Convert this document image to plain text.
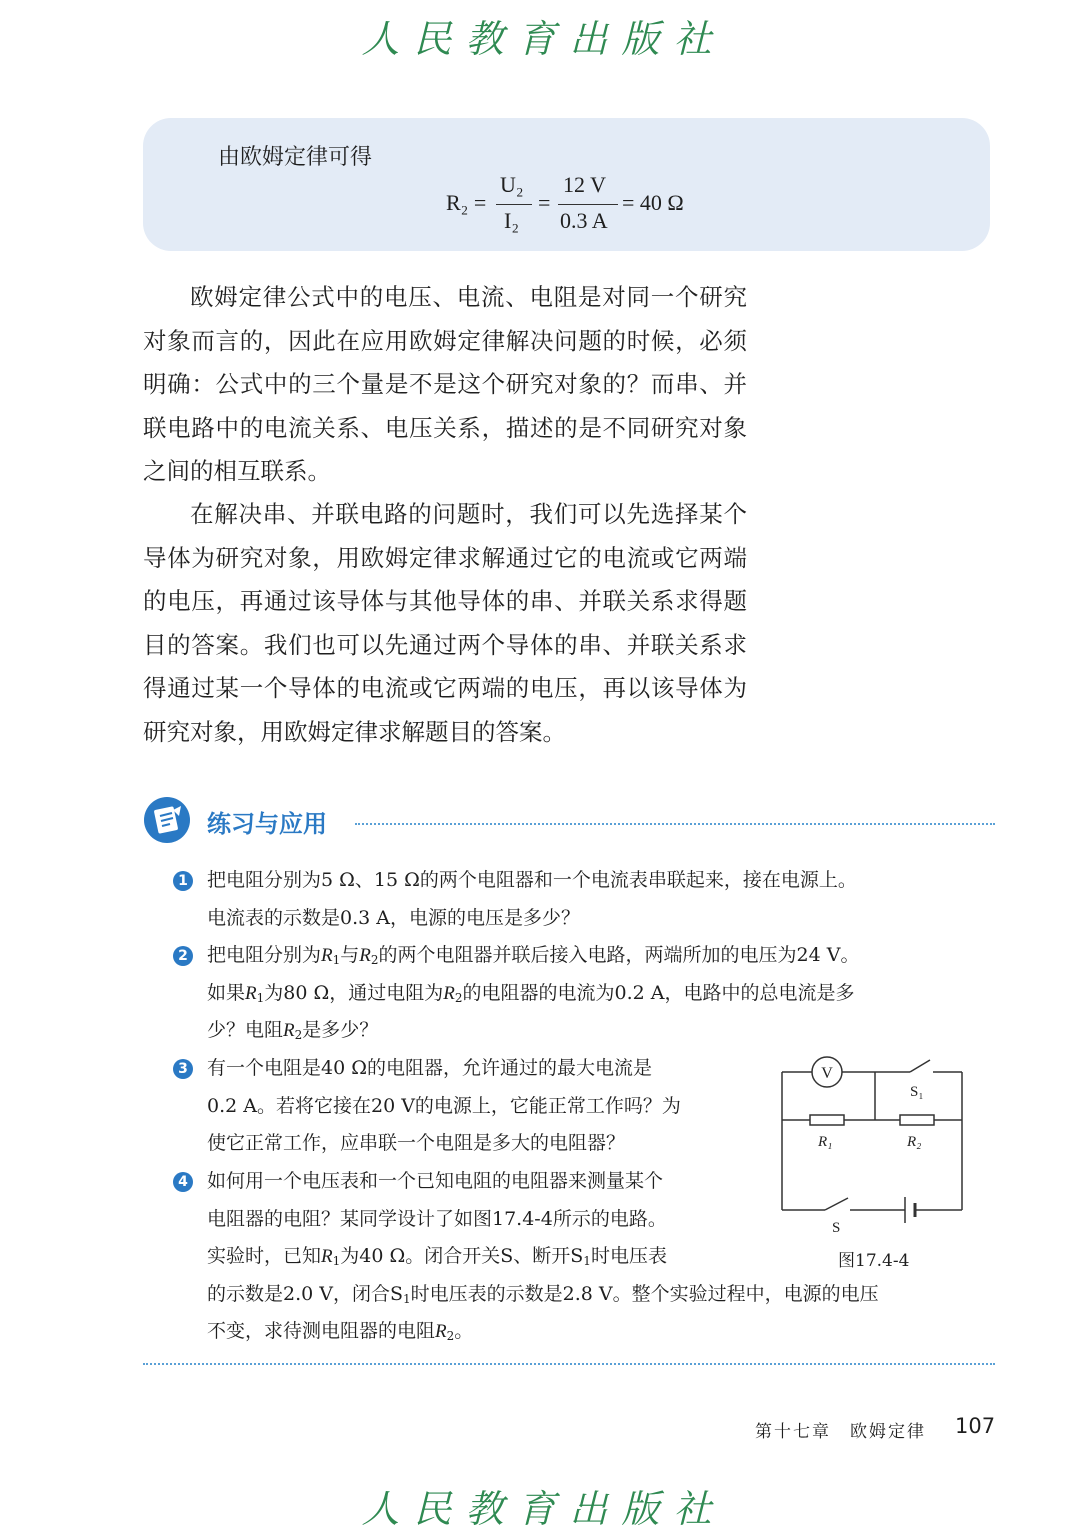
人民教育出版社
由欧姆定律可得
R₂ =
U₂
I₂
=
12 V
0.3 A
= 40 Ω

欧姆定律公式中的电压、电流、电阻是对同一个研究对象而言的，因此在应用欧姆定律解决问题的时候，必须明确：公式中的三个量是不是这个研究对象的？而串、并联电路中的电流关系、电压关系，描述的是不同研究对象之间的相互联系。

在解决串、并联电路的问题时，我们可以先选择某个导体为研究对象，用欧姆定律求解通过它的电流或它两端的电压，再通过该导体与其他导体的串、并联关系求得题目的答案。我们也可以先通过两个导体的串、并联关系求得通过某一个导体的电流或它两端的电压，再以该导体为研究对象，用欧姆定律求解题目的答案。

练习与应用
1 把电阻分别为5 Ω、15 Ω的两个电阻器和一个电流表串联起来，接在电源上。
电流表的示数是0.3 A，电源的电压是多少？

2 把电阻分别为$R_1$与$R_2$的两个电阻器并联后接入电路，两端所加的电压为24 V。
如果$R_1$为80 Ω，通过电阻为$R_2$的电阻器的电流为0.2 A，电路中的总电流是多
少？电阻$R_2$是多少？

3 有一个电阻是40 Ω的电阻器，允许通过的最大电流是
0.2 A。若将它接在20 V的电源上，它能正常工作吗？为
使它正常工作，应串联一个电阻是多大的电阻器？

4 如何用一个电压表和一个已知电阻的电阻器来测量某个
电阻器的电阻？某同学设计了如图17.4-4所示的电路。
实验时，已知$R_1$为40 Ω。闭合开关S、断开$S_1$时电压表
的示数是2.0 V，闭合$S_1$时电压表的示数是2.8 V。整个实验过程中，电源的电压
不变，求待测电阻器的电阻$R_2$。

V
S₁
R₁	R₂
S
图17.4-4
第十七章　欧姆定律 107
人民教育出版社
